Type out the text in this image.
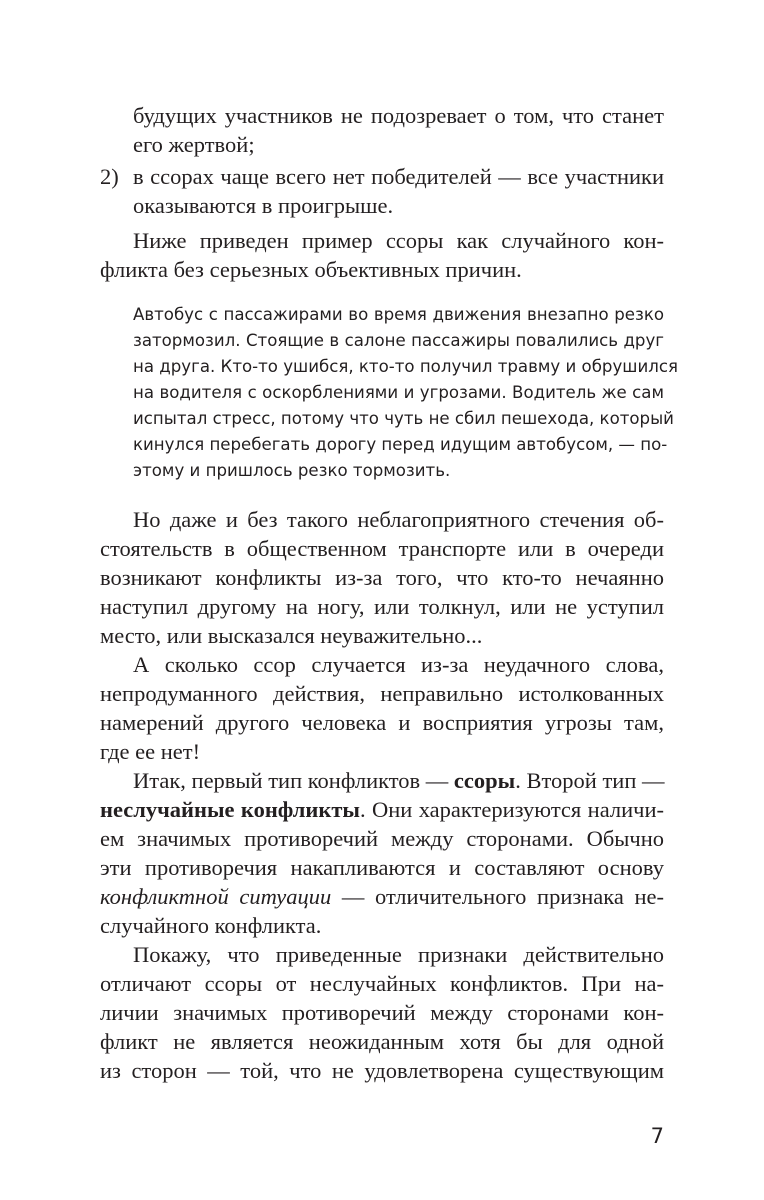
будущих участников не подозревает о том, что станет
его жертвой;
2) в ссорах чаще всего нет победителей — все участники
оказываются в проигрыше.
Ниже приведен пример ссоры как случайного кон-
фликта без серьезных объективных причин.
Автобус с пассажирами во время движения внезапно резко
затормозил. Стоящие в салоне пассажиры повалились друг
на друга. Кто-то ушибся, кто-то получил травму и обрушился
на водителя с оскорблениями и угрозами. Водитель же сам
испытал стресс, потому что чуть не сбил пешехода, который
кинулся перебегать дорогу перед идущим автобусом, — по-
этому и пришлось резко тормозить.
Но даже и без такого неблагоприятного стечения об-
стоятельств в общественном транспорте или в очереди
возникают конфликты из-за того, что кто-то нечаянно
наступил другому на ногу, или толкнул, или не уступил
место, или высказался неуважительно...
А сколько ссор случается из-за неудачного слова,
непродуманного действия, неправильно истолкованных
намерений другого человека и восприятия угрозы там,
где ее нет!
Итак, первый тип конфликтов — ссоры. Второй тип —
неслучайные конфликты. Они характеризуются наличи-
ем значимых противоречий между сторонами. Обычно
эти противоречия накапливаются и составляют основу
конфликтной ситуации — отличительного признака не-
случайного конфликта.
Покажу, что приведенные признаки действительно
отличают ссоры от неслучайных конфликтов. При на-
личии значимых противоречий между сторонами кон-
фликт не является неожиданным хотя бы для одной
из сторон — той, что не удовлетворена существующим
7
